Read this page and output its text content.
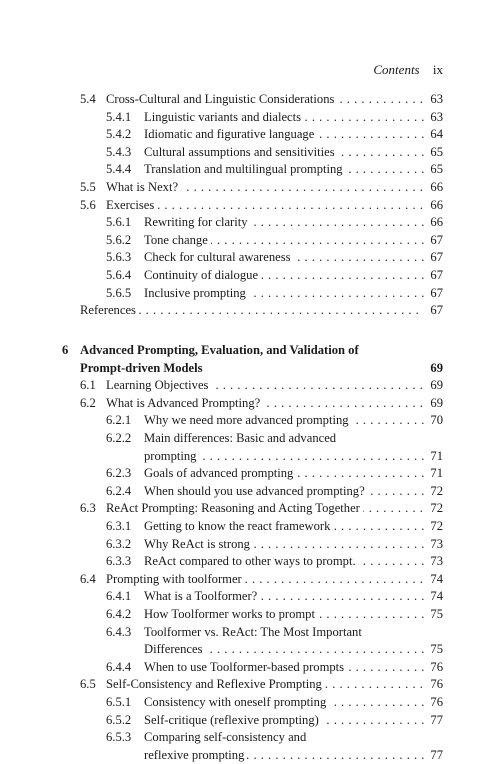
Contents ix
5.4 Cross-Cultural and Linguistic Considerations . . .	63
5.4.1 Linguistic variants and dialects . . .	63
5.4.2 Idiomatic and figurative language . . .	64
5.4.3 Cultural assumptions and sensitivities . . .	65
5.4.4 Translation and multilingual prompting . . .	65
5.5 What is Next? . . .	66
5.6 Exercises . . .	66
5.6.1 Rewriting for clarity . . .	66
5.6.2 Tone change . . .	67
5.6.3 Check for cultural awareness . . .	67
5.6.4 Continuity of dialogue . . .	67
5.6.5 Inclusive prompting . . .	67
References . . .	67
6 Advanced Prompting, Evaluation, and Validation of
Prompt-driven Models	69
6.1 Learning Objectives . . .	69
6.2 What is Advanced Prompting? . . .	69
6.2.1 Why we need more advanced prompting . . .	70
6.2.2 Main differences: Basic and advanced
prompting . . .	71
6.2.3 Goals of advanced prompting . . .	71
6.2.4 When should you use advanced prompting? . . .	72
6.3 ReAct Prompting: Reasoning and Acting Together . . .	72
6.3.1 Getting to know the react framework . . .	72
6.3.2 Why ReAct is strong . . .	73
6.3.3 ReAct compared to other ways to prompt. . . .	73
6.4 Prompting with toolformer . . .	74
6.4.1 What is a Toolformer? . . .	74
6.4.2 How Toolformer works to prompt . . .	75
6.4.3 Toolformer vs. ReAct: The Most Important
Differences . . .	75
6.4.4 When to use Toolformer-based prompts . . .	76
6.5 Self-Consistency and Reflexive Prompting . . .	76
6.5.1 Consistency with oneself prompting . . .	76
6.5.2 Self-critique (reflexive prompting) . . .	77
6.5.3 Comparing self-consistency and
reflexive prompting . . .	77
